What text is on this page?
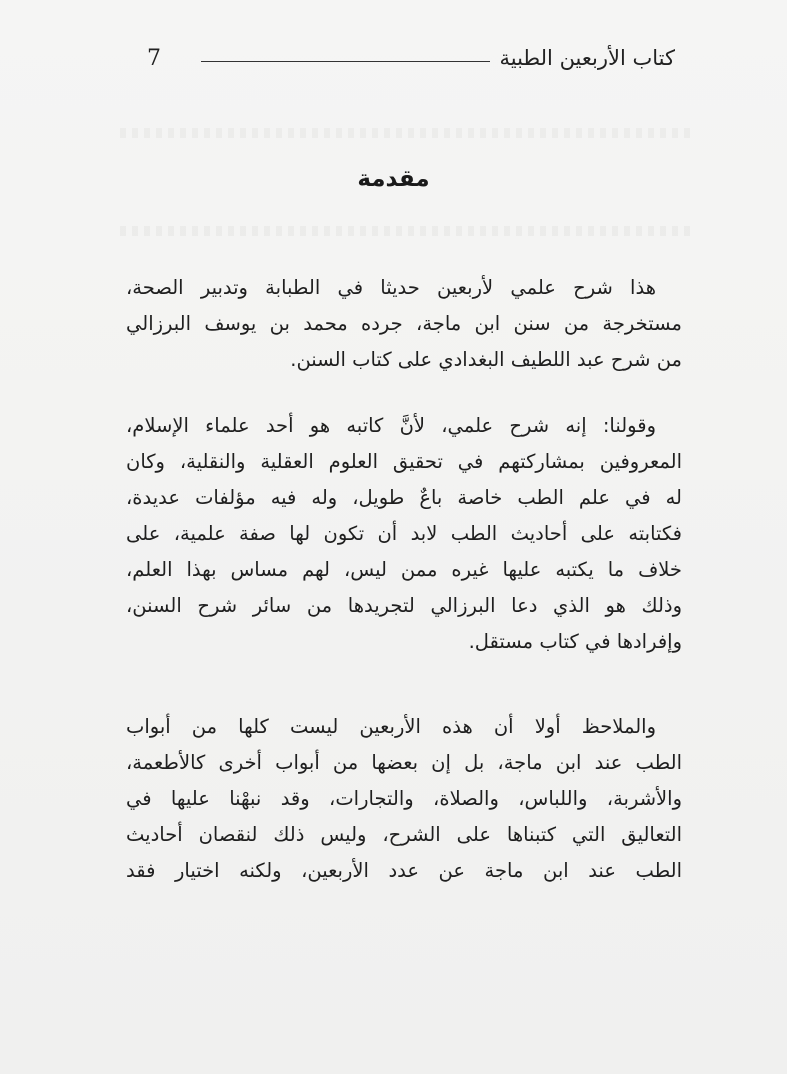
7	كتاب الأربعين الطبية
مقدمة
هذا شرح علمي لأربعين حديثا في الطبابة وتدبير الصحة،
مستخرجة من سنن ابن ماجة، جرده محمد بن يوسف البرزالي
من شرح عبد اللطيف البغدادي على كتاب السنن.
وقولنا: إنه شرح علمي، لأنَّ كاتبه هو أحد علماء الإسلام،
المعروفين بمشاركتهم في تحقيق العلوم العقلية والنقلية، وكان
له في علم الطب خاصة باعٌ طويل، وله فيه مؤلفات عديدة،
فكتابته على أحاديث الطب لابد أن تكون لها صفة علمية، على
خلاف ما يكتبه عليها غيره ممن ليس، لهم مساس بهذا العلم،
وذلك هو الذي دعا البرزالي لتجريدها من سائر شرح السنن،
وإفرادها في كتاب مستقل.
والملاحظ أولا أن هذه الأربعين ليست كلها من أبواب
الطب عند ابن ماجة، بل إن بعضها من أبواب أخرى كالأطعمة،
والأشربة، واللباس، والصلاة، والتجارات، وقد نبهْنا عليها في
التعاليق التي كتبناها على الشرح، وليس ذلك لنقصان أحاديث
الطب عند ابن ماجة عن عدد الأربعين، ولكنه اختيار فقد
